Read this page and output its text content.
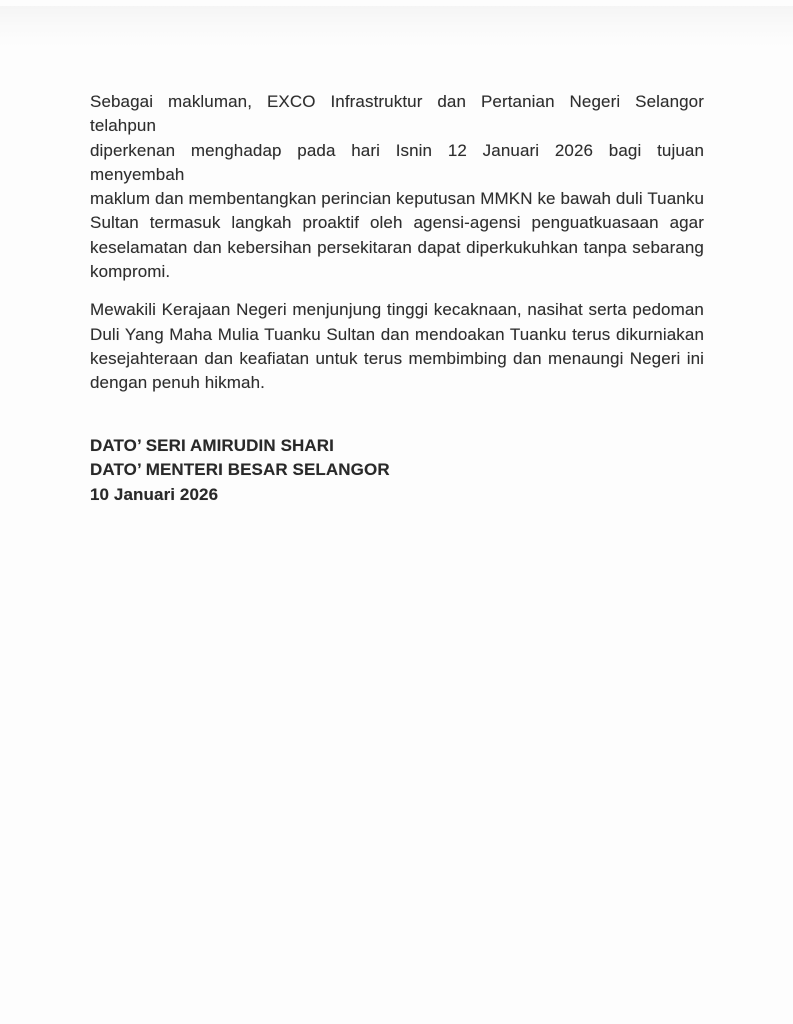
Sebagai makluman, EXCO Infrastruktur dan Pertanian Negeri Selangor telahpun
diperkenan menghadap pada hari Isnin 12 Januari 2026 bagi tujuan menyembah
maklum dan membentangkan perincian keputusan MMKN ke bawah duli Tuanku
Sultan termasuk langkah proaktif oleh agensi-agensi penguatkuasaan agar
keselamatan dan kebersihan persekitaran dapat diperkukuhkan tanpa sebarang
kompromi.
Mewakili Kerajaan Negeri menjunjung tinggi kecaknaan, nasihat serta pedoman
Duli Yang Maha Mulia Tuanku Sultan dan mendoakan Tuanku terus dikurniakan
kesejahteraan dan keafiatan untuk terus membimbing dan menaungi Negeri ini
dengan penuh hikmah.
DATO’ SERI AMIRUDIN SHARI
DATO’ MENTERI BESAR SELANGOR
10 Januari 2026
